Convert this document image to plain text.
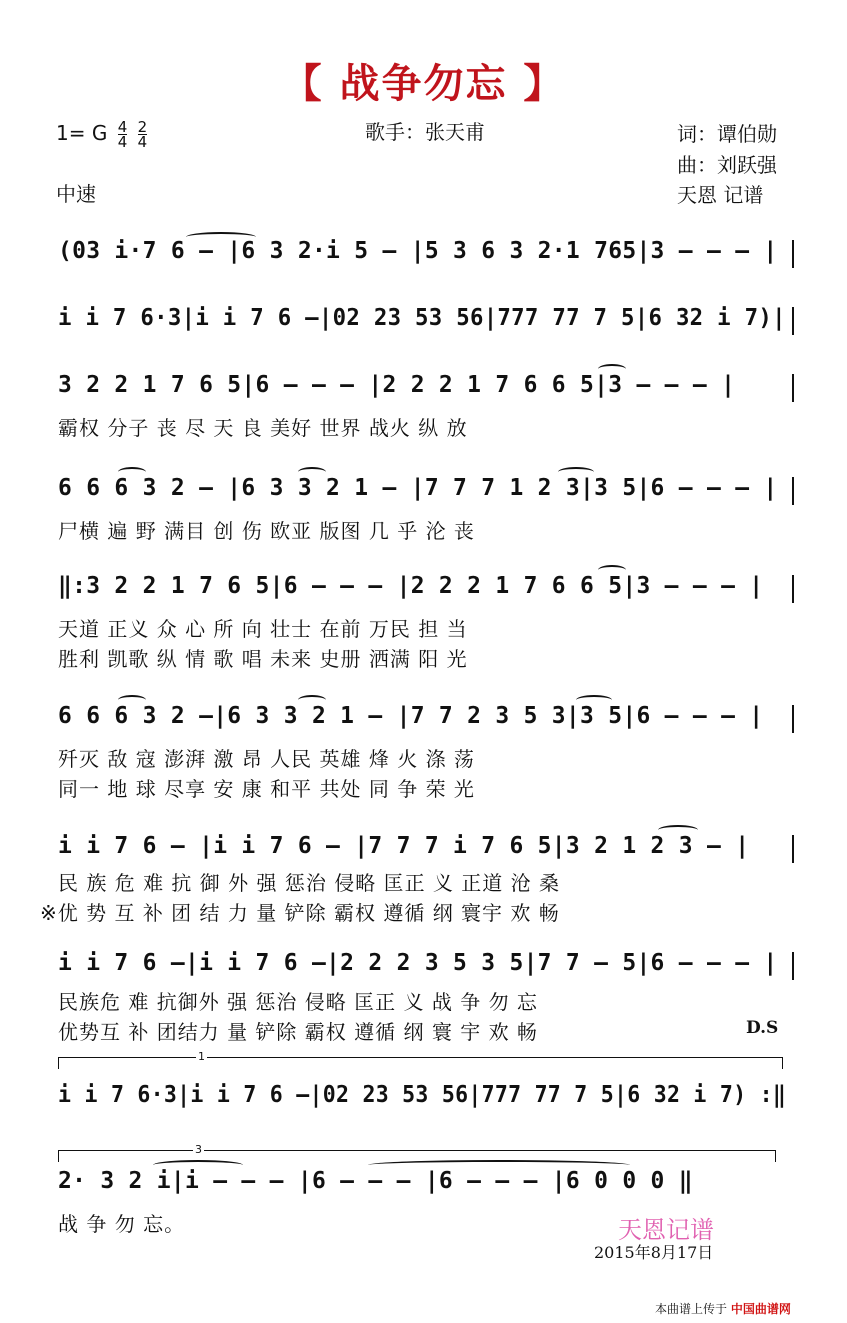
【 战争勿忘 】
1= G $\frac{4}{4}$
$\frac{2}{4}$
中速
歌手：张天甫	词：谭伯勋
曲：刘跃强
天恩 记谱
(03 i·7 6 – |6 3 2·i 5 – |5 3 6 3 2·1 765|3 – – – |
i i 7 6·3|i i 7 6 –|02 23 53 56|777 77 7 5|6 32 i 7)|
3 2 2 1 7 6 5|6 – – – |2 2 2 1 7 6 6 5|3 – – – |
霸权 分子 丧 尽 天 良 美好 世界 战火 纵 放
6 6 6 3 2 – |6 3 3 2 1 – |7 7 7 1 2 3|3 5|6 – – – |
尸横 遍 野 满目 创 伤 欧亚 版图 几 乎 沦 丧
‖:3 2 2 1 7 6 5|6 – – – |2 2 2 1 7 6 6 5|3 – – – |
天道 正义 众 心 所 向 壮士 在前 万民 担 当
胜利 凯歌 纵 情 歌 唱 未来 史册 洒满 阳 光
6 6 6 3 2 –|6 3 3 2 1 – |7 7 2 3 5 3|3 5|6 – – – |
歼灭 敌 寇 澎湃 激 昂 人民 英雄 烽 火 涤 荡
同一 地 球 尽享 安 康 和平 共处 同 争 荣 光
i i 7 6 – |i i 7 6 – |7 7 7 i 7 6 5|3 2 1 2 3 – |
民 族 危 难 抗 御 外 强 惩治 侵略 匡正 义 正道 沧 桑
※优 势 互 补 团 结 力 量 铲除 霸权 遵循 纲 寰宇 欢 畅
i i 7 6 –|i i 7 6 –|2 2 2 3 5 3 5|7 7 – 5|6 – – – |
民族危 难 抗御外 强 惩治 侵略 匡正 义 战 争 勿 忘
优势互 补 团结力 量 铲除 霸权 遵循 纲 寰 宇 欢 畅	D.S
1
i i 7 6·3|i i 7 6 –|02 23 53 56|777 77 7 5|6 32 i 7) :‖
3
2· 3 2 i|i – – – |6 – – – |6 – – – |6 0 0 0 ‖
战 争 勿 忘。	天恩记谱
2015年8月17日
本曲谱上传于 中国曲谱网
